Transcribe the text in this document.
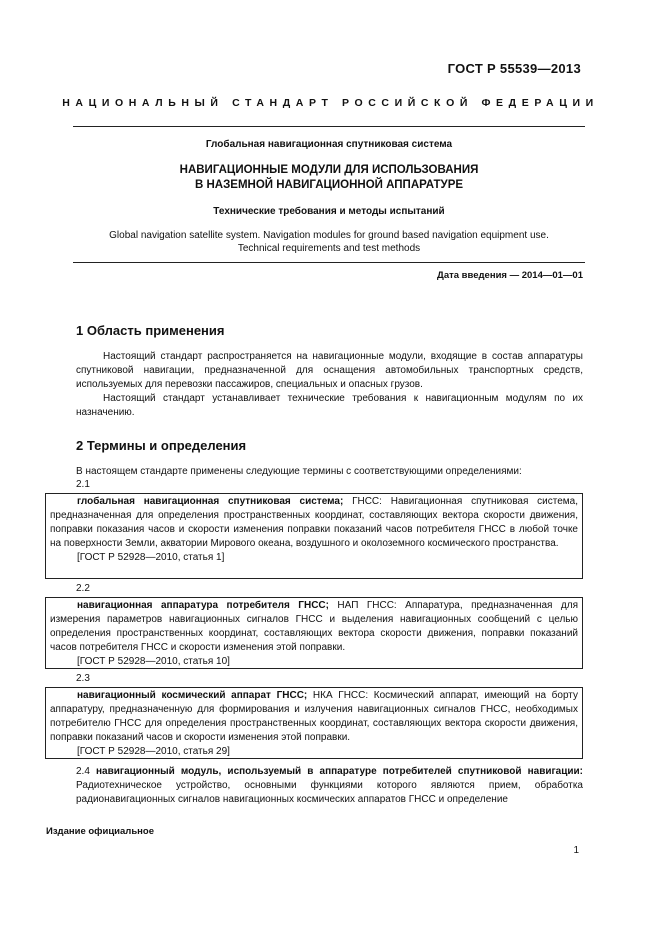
ГОСТ Р 55539—2013
НАЦИОНАЛЬНЫЙ СТАНДАРТ РОССИЙСКОЙ ФЕДЕРАЦИИ
Глобальная навигационная спутниковая система
НАВИГАЦИОННЫЕ МОДУЛИ ДЛЯ ИСПОЛЬЗОВАНИЯ
В НАЗЕМНОЙ НАВИГАЦИОННОЙ АППАРАТУРЕ
Технические требования и методы испытаний
Global navigation satellite system. Navigation modules for ground based navigation equipment use.
Technical requirements and test methods
Дата введения — 2014—01—01
1 Область применения
Настоящий стандарт распространяется на навигационные модули, входящие в состав аппаратуры спутниковой навигации, предназначенной для оснащения автомобильных транспортных средств, используемых для перевозки пассажиров, специальных и опасных грузов.
Настоящий стандарт устанавливает технические требования к навигационным модулям по их назначению.
2 Термины и определения
В настоящем стандарте применены следующие термины с соответствующими определениями:
2.1
глобальная навигационная спутниковая система; ГНСС: Навигационная спутниковая система, предназначенная для определения пространственных координат, составляющих вектора скорости движения, поправки показания часов и скорости изменения поправки показаний часов потребителя ГНСС в любой точке на поверхности Земли, акватории Мирового океана, воздушного и околоземного космического пространства.
[ГОСТ Р 52928—2010, статья 1]
2.2
навигационная аппаратура потребителя ГНСС; НАП ГНСС: Аппаратура, предназначенная для измерения параметров навигационных сигналов ГНСС и выделения навигационных сообщений с целью определения пространственных координат, составляющих вектора скорости движения, поправки показаний часов потребителя ГНСС и скорости изменения этой поправки.
[ГОСТ Р 52928—2010, статья 10]
2.3
навигационный космический аппарат ГНСС; НКА ГНСС: Космический аппарат, имеющий на борту аппаратуру, предназначенную для формирования и излучения навигационных сигналов ГНСС, необходимых потребителю ГНСС для определения пространственных координат, составляющих вектора скорости движения, поправки показаний часов и скорости изменения этой поправки.
[ГОСТ Р 52928—2010, статья 29]
2.4 навигационный модуль, используемый в аппаратуре потребителей спутниковой навигации: Радиотехническое устройство, основными функциями которого являются прием, обработка радионавигационных сигналов навигационных космических аппаратов ГНСС и определение
Издание официальное
1
